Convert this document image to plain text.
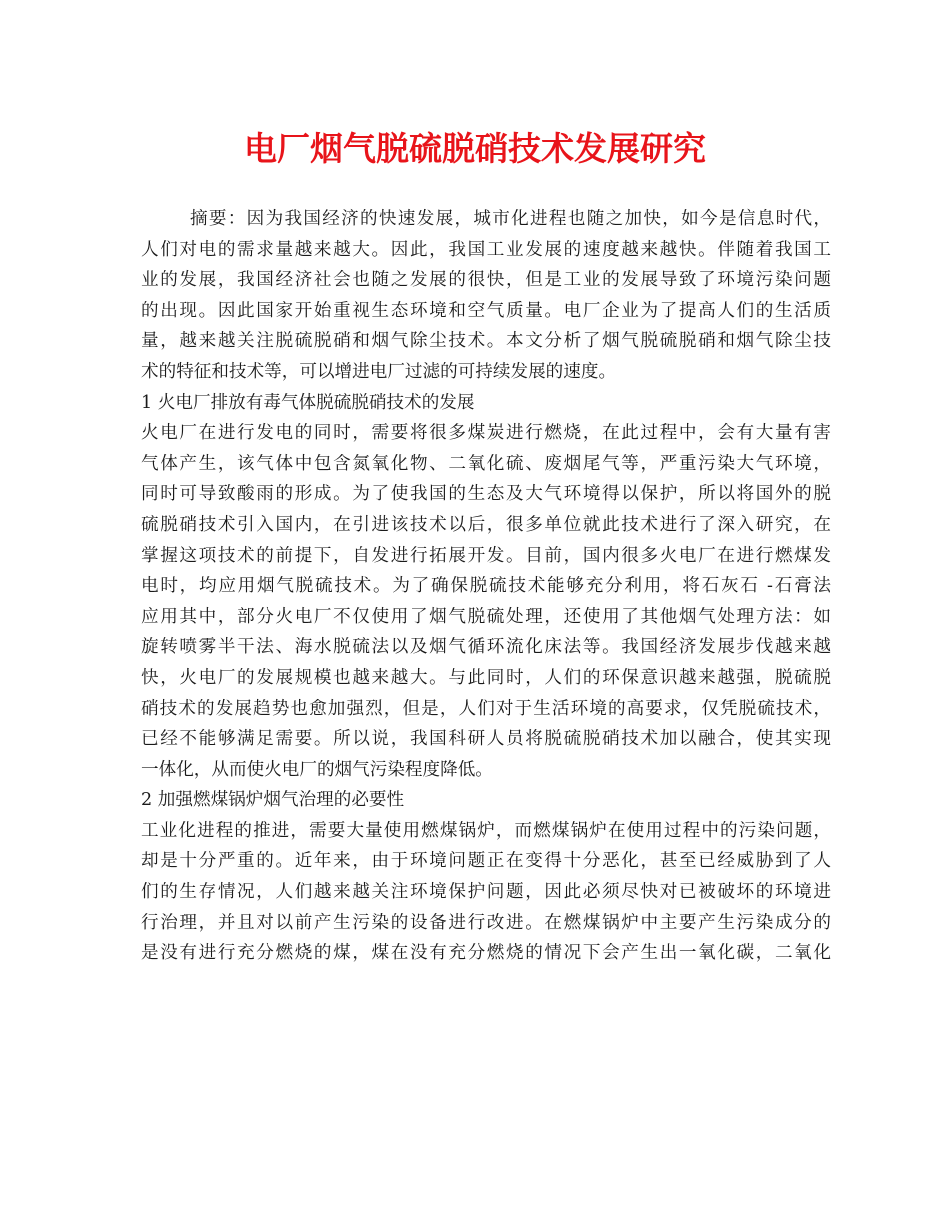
电厂烟气脱硫脱硝技术发展研究
摘要：因为我国经济的快速发展，城市化进程也随之加快，如今是信息时代，
人们对电的需求量越来越大。因此，我国工业发展的速度越来越快。伴随着我国工
业的发展，我国经济社会也随之发展的很快，但是工业的发展导致了环境污染问题
的出现。因此国家开始重视生态环境和空气质量。电厂企业为了提高人们的生活质
量，越来越关注脱硫脱硝和烟气除尘技术。本文分析了烟气脱硫脱硝和烟气除尘技
术的特征和技术等，可以增进电厂过滤的可持续发展的速度。
1 火电厂排放有毒气体脱硫脱硝技术的发展
火电厂在进行发电的同时，需要将很多煤炭进行燃烧，在此过程中，会有大量有害
气体产生，该气体中包含氮氧化物、二氧化硫、废烟尾气等，严重污染大气环境，
同时可导致酸雨的形成。为了使我国的生态及大气环境得以保护，所以将国外的脱
硫脱硝技术引入国内，在引进该技术以后，很多单位就此技术进行了深入研究，在
掌握这项技术的前提下，自发进行拓展开发。目前，国内很多火电厂在进行燃煤发
电时，均应用烟气脱硫技术。为了确保脱硫技术能够充分利用，将石灰石 -石膏法
应用其中，部分火电厂不仅使用了烟气脱硫处理，还使用了其他烟气处理方法：如
旋转喷雾半干法、海水脱硫法以及烟气循环流化床法等。我国经济发展步伐越来越
快，火电厂的发展规模也越来越大。与此同时，人们的环保意识越来越强，脱硫脱
硝技术的发展趋势也愈加强烈，但是，人们对于生活环境的高要求，仅凭脱硫技术，
已经不能够满足需要。所以说，我国科研人员将脱硫脱硝技术加以融合，使其实现
一体化，从而使火电厂的烟气污染程度降低。
2 加强燃煤锅炉烟气治理的必要性
工业化进程的推进，需要大量使用燃煤锅炉，而燃煤锅炉在使用过程中的污染问题，
却是十分严重的。近年来，由于环境问题正在变得十分恶化，甚至已经威胁到了人
们的生存情况，人们越来越关注环境保护问题，因此必须尽快对已被破坏的环境进
行治理，并且对以前产生污染的设备进行改进。在燃煤锅炉中主要产生污染成分的
是没有进行充分燃烧的煤，煤在没有充分燃烧的情况下会产生出一氧化碳，二氧化
